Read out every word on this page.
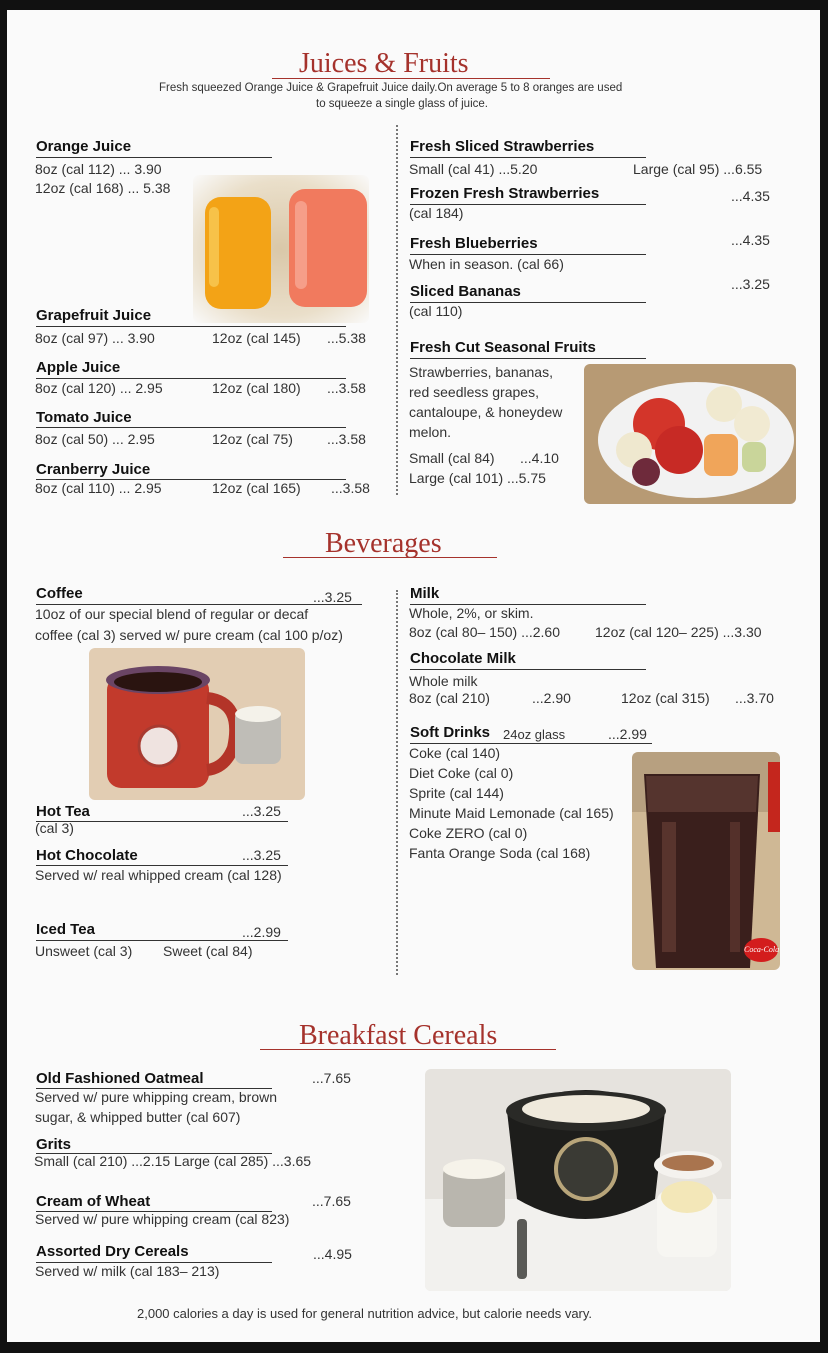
Juices & Fruits
Fresh squeezed Orange Juice & Grapefruit Juice daily.On average 5 to 8 oranges are used
to squeeze a single glass of juice.
Orange Juice
8oz (cal 112) ... 3.90
12oz (cal 168) ... 5.38
Grapefruit Juice
8oz (cal 97) ... 3.90	12oz (cal 145) ...5.38
Apple Juice
8oz (cal 120) ... 2.95	12oz (cal 180) ...3.58
Tomato Juice
8oz (cal 50) ... 2.95	12oz (cal 75) ...3.58
Cranberry Juice
8oz (cal 110) ... 2.95	12oz (cal 165) ...3.58
Fresh Sliced Strawberries
Small (cal 41) ...5.20	Large (cal 95) ...6.55
Frozen Fresh Strawberries	...4.35
(cal 184)
Fresh Blueberries	...4.35
When in season. (cal 66)
Sliced Bananas	...3.25
(cal 110)
Fresh Cut Seasonal Fruits
Strawberries, bananas,
red seedless grapes,
cantaloupe, & honeydew
melon.
Small (cal 84) ...4.10
Large (cal 101) ...5.75
Beverages
Coffee	...3.25
10oz of our special blend of regular or decaf
coffee (cal 3) served w/ pure cream (cal 100 p/oz)
Hot Tea	...3.25
(cal 3)
Hot Chocolate	...3.25
Served w/ real whipped cream (cal 128)
Iced Tea	...2.99
Unsweet (cal 3) Sweet (cal 84)
Milk
Whole, 2%, or skim.
8oz (cal 80– 150) ...2.60	12oz (cal 120– 225) ...3.30
Chocolate Milk
Whole milk
8oz (cal 210)	...2.90	12oz (cal 315) ...3.70
Soft Drinks 24oz glass	...2.99
Coke (cal 140)
Diet Coke (cal 0)
Sprite (cal 144)
Minute Maid Lemonade (cal 165)
Coke ZERO (cal 0)
Fanta Orange Soda (cal 168)
Coca-Cola
Breakfast Cereals
Old Fashioned Oatmeal	...7.65
Served w/ pure whipping cream, brown
sugar, & whipped butter (cal 607)
Grits
Small (cal 210) ...2.15 Large (cal 285) ...3.65
Cream of Wheat	...7.65
Served w/ pure whipping cream (cal 823)
Assorted Dry Cereals	...4.95
Served w/ milk (cal 183– 213)
2,000 calories a day is used for general nutrition advice, but calorie needs vary.
